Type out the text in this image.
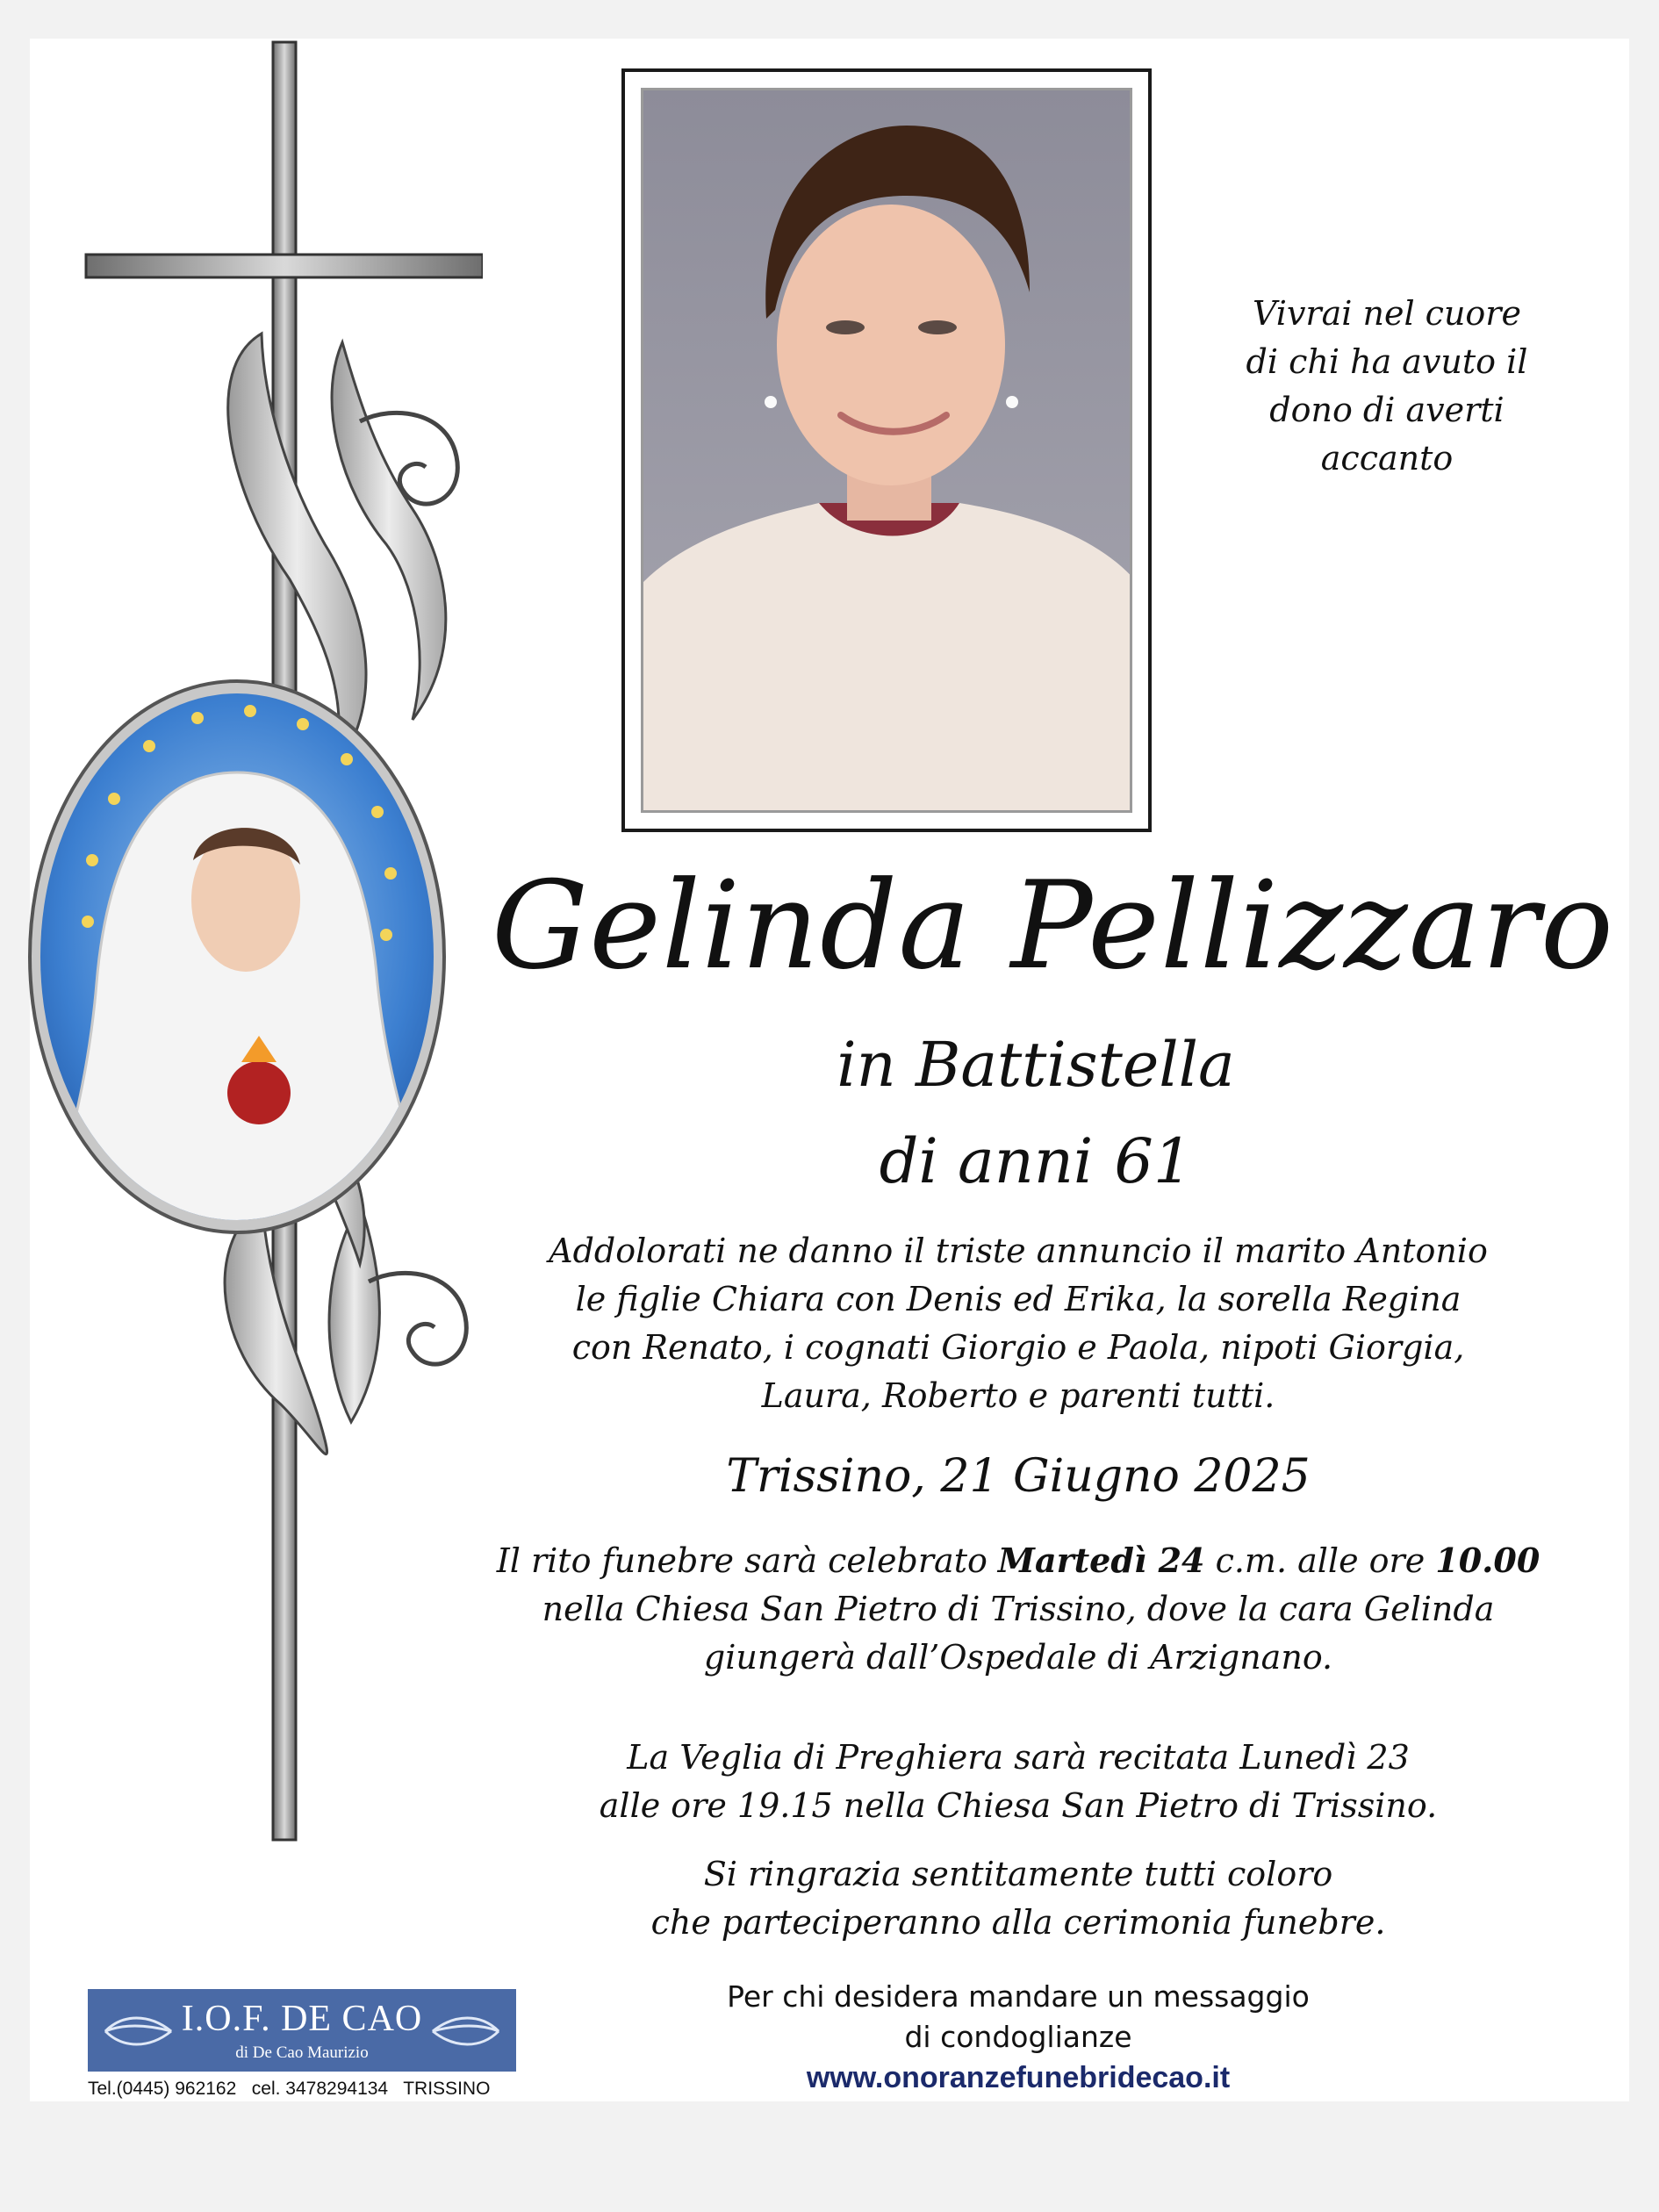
Vivrai nel cuore
di chi ha avuto il
dono di averti
accanto
Gelinda Pellizzaro
in Battistella
di anni 61
Addolorati ne danno il triste annuncio il marito Antonio
le figlie Chiara con Denis ed Erika, la sorella Regina
con Renato, i cognati Giorgio e Paola, nipoti Giorgia,
Laura, Roberto e parenti tutti.
Trissino, 21 Giugno 2025
Il rito funebre sarà celebrato Martedì 24 c.m. alle ore 10.00
nella Chiesa San Pietro di Trissino, dove la cara Gelinda
giungerà dall’Ospedale di Arzignano.
La Veglia di Preghiera sarà recitata Lunedì 23
alle ore 19.15 nella Chiesa San Pietro di Trissino.
Si ringrazia sentitamente tutti coloro
che parteciperanno alla cerimonia funebre.
Per chi desidera mandare un messaggio
di condoglianze
www.onoranzefunebridecao.it
I.O.F. DE CAO
di De Cao Maurizio
Tel.(0445) 962162   cel. 3478294134   TRISSINO
